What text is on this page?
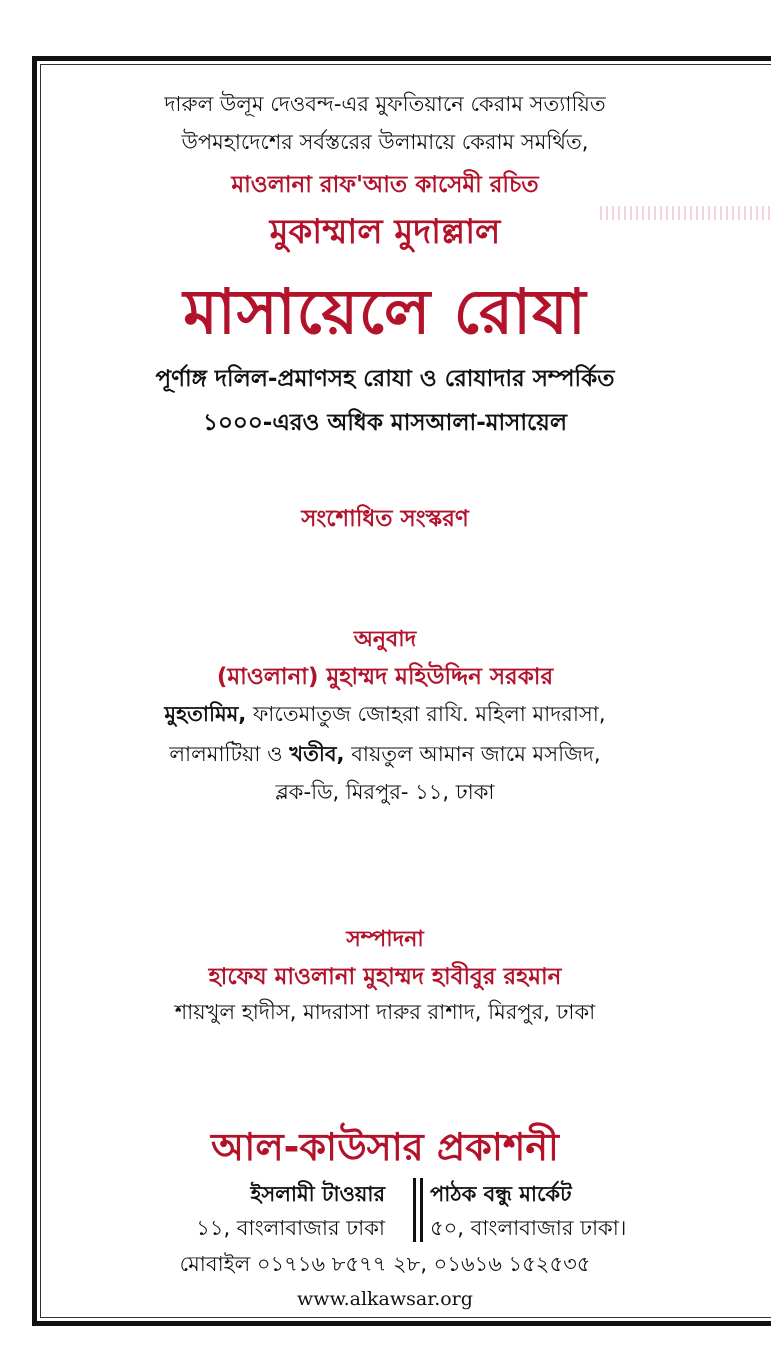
দারুল উলূম দেওবন্দ-এর মুফতিয়ানে কেরাম সত্যায়িত
উপমহাদেশের সর্বস্তরের উলামায়ে কেরাম সমর্থিত,
মাওলানা রাফ'আত কাসেমী রচিত
মুকাম্মাল মুদাল্লাল
মাসায়েলে রোযা
পূর্ণাঙ্গ দলিল-প্রমাণসহ রোযা ও রোযাদার সম্পর্কিত
১০০০-এরও অধিক মাসআলা-মাসায়েল
সংশোধিত সংস্করণ
অনুবাদ
(মাওলানা) মুহাম্মদ মহিউদ্দিন সরকার
মুহতামিম, ফাতেমাতুজ জোহরা রাযি. মহিলা মাদরাসা,
লালমাটিয়া ও খতীব, বায়তুল আমান জামে মসজিদ,
ব্লক-ডি, মিরপুর- ১১, ঢাকা
সম্পাদনা
হাফেয মাওলানা মুহাম্মদ হাবীবুর রহমান
শায়খুল হাদীস, মাদরাসা দারুর রাশাদ, মিরপুর, ঢাকা
আল-কাউসার প্রকাশনী
ইসলামী টাওয়ার পাঠক বন্ধু মার্কেট
১১, বাংলাবাজার ঢাকা ৫০, বাংলাবাজার ঢাকা।
মোবাইল ০১৭১৬ ৮৫৭৭ ২৮, ০১৬১৬ ১৫২৫৩৫
www.alkawsar.org
